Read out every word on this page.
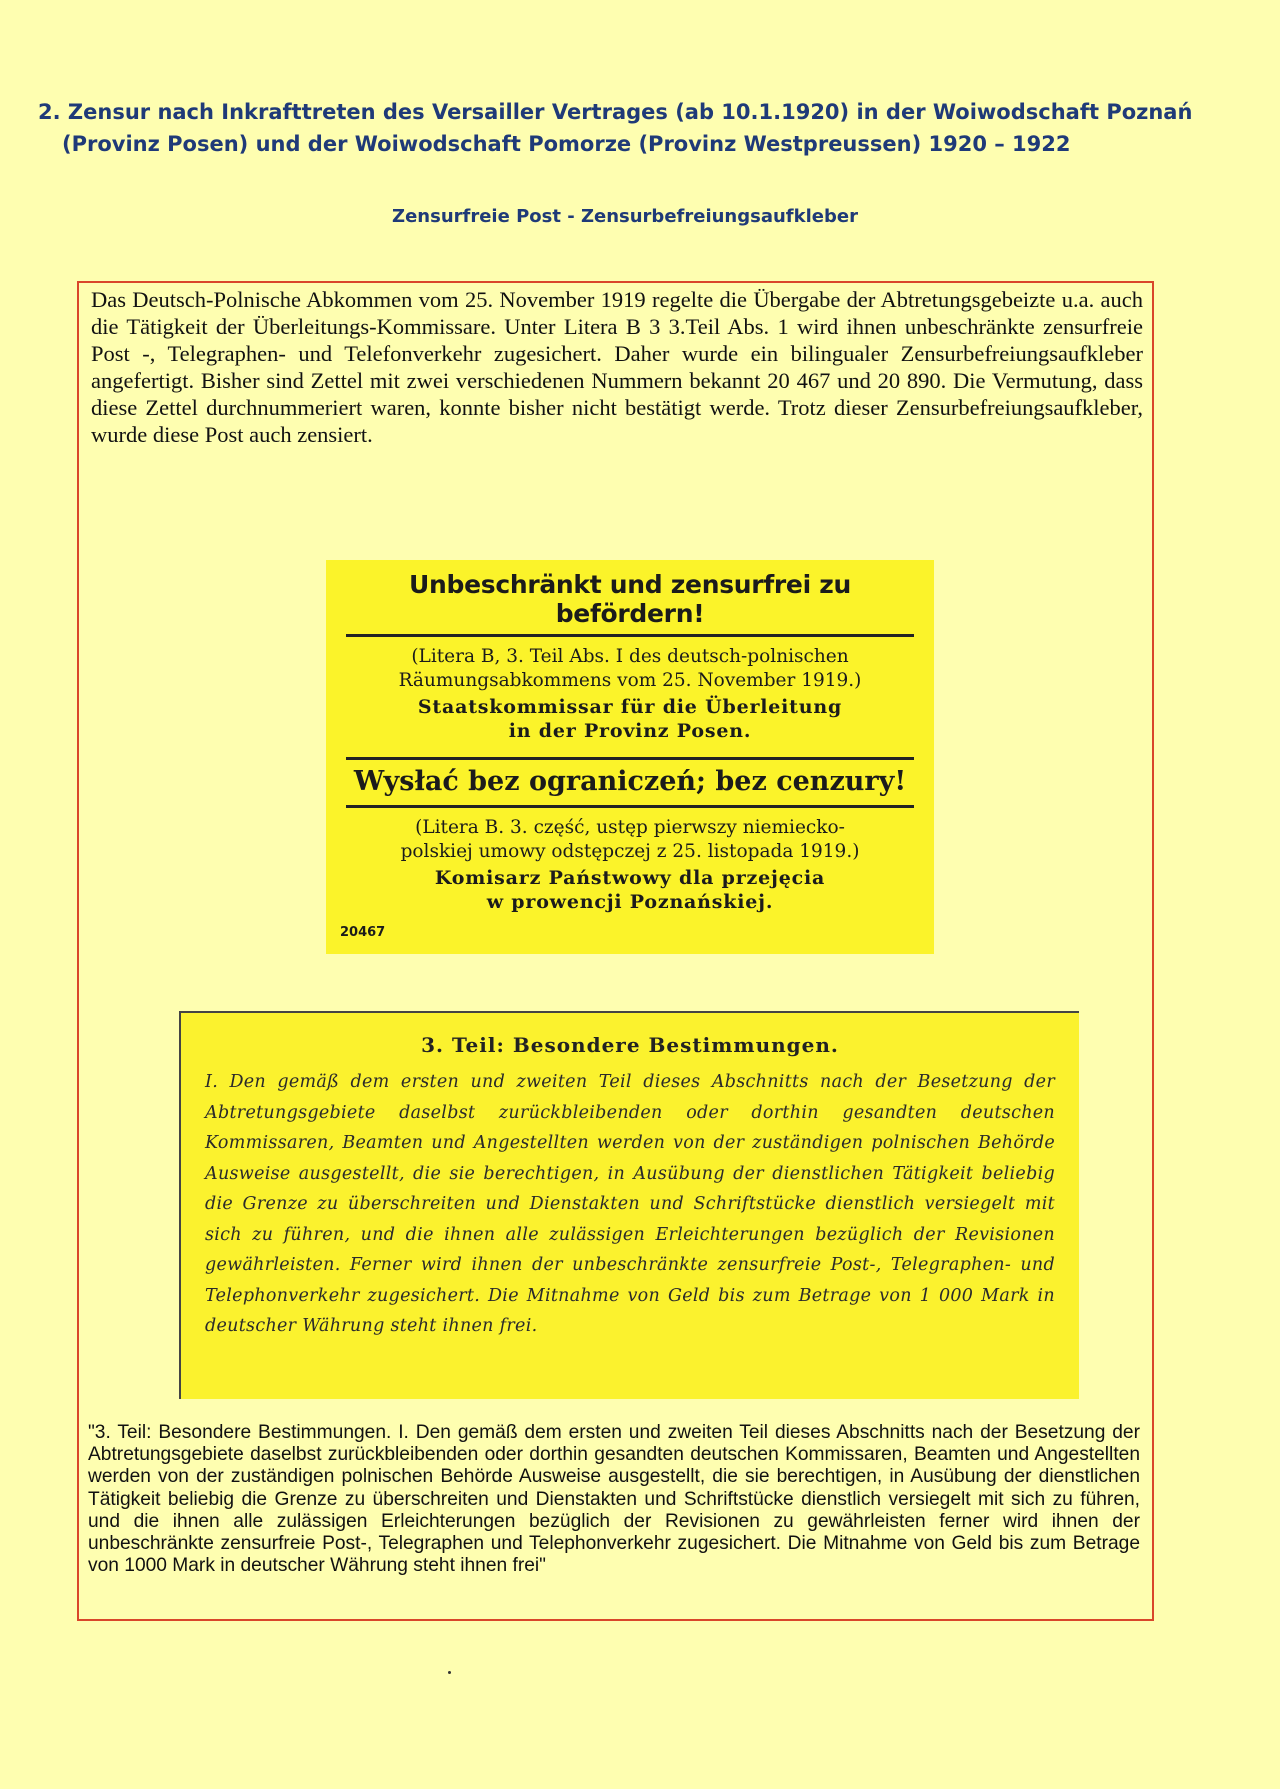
2. Zensur nach Inkrafttreten des Versailler Vertrages (ab 10.1.1920) in der Woiwodschaft Poznań
(Provinz Posen) und der Woiwodschaft Pomorze (Provinz Westpreussen) 1920 – 1922
Zensurfreie Post - Zensurbefreiungsaufkleber

Das Deutsch-Polnische Abkommen vom 25. November 1919 regelte die Übergabe der Abtretungsgebeizte u.a. auch die Tätigkeit der Überleitungs-Kommissare. Unter Litera B 3 3.Teil Abs. 1 wird ihnen unbeschränkte zensurfreie Post -, Telegraphen- und Telefonverkehr zugesichert. Daher wurde ein bilingualer Zensurbefreiungsaufkleber angefertigt. Bisher sind Zettel mit zwei verschiedenen Nummern bekannt 20 467 und 20 890. Die Vermutung, dass diese Zettel durchnummeriert waren, konnte bisher nicht bestätigt werde. Trotz dieser Zensurbefreiungsaufkleber, wurde diese Post auch zensiert.

Unbeschränkt und zensurfrei zu befördern!
(Litera B, 3. Teil Abs. I des deutsch-polnischen
Räumungsabkommens vom 25. November 1919.)
Staatskommissar für die Überleitung
in der Provinz Posen.
Wysłać bez ograniczeń; bez cenzury!
(Litera B. 3. część, ustęp pierwszy niemiecko-
polskiej umowy odstępczej z 25. listopada 1919.)
Komisarz Państwowy dla przejęcia
w prowencji Poznańskiej.
20467
3. Teil: Besondere Bestimmungen.
I. Den gemäß dem ersten und zweiten Teil dieses Abschnitts nach der Besetzung der Abtretungsgebiete daselbst zurückbleibenden oder dorthin gesandten deutschen Kommissaren, Beamten und Angestellten werden von der zuständigen polnischen Behörde Ausweise ausgestellt, die sie berechtigen, in Ausübung der dienstlichen Tätigkeit beliebig die Grenze zu überschreiten und Dienstakten und Schriftstücke dienstlich versiegelt mit sich zu führen, und die ihnen alle zulässigen Erleichterungen bezüglich der Revisionen gewährleisten. Ferner wird ihnen der unbeschränkte zensurfreie Post-, Telegraphen- und Telephonverkehr zugesichert. Die Mitnahme von Geld bis zum Betrage von 1 000 Mark in deutscher Währung steht ihnen frei.

"3. Teil: Besondere Bestimmungen. I. Den gemäß dem ersten und zweiten Teil dieses Abschnitts nach der Besetzung der Abtretungsgebiete daselbst zurückbleibenden oder dorthin gesandten deutschen Kommissaren, Beamten und Angestellten werden von der zuständigen polnischen Behörde Ausweise ausgestellt, die sie berechtigen, in Ausübung der dienstlichen Tätigkeit beliebig die Grenze zu überschreiten und Dienstakten und Schriftstücke dienstlich versiegelt mit sich zu führen, und die ihnen alle zulässigen Erleichterungen bezüglich der Revisionen zu gewährleisten ferner wird ihnen der unbeschränkte zensurfreie Post-, Telegraphen und Telephonverkehr zugesichert. Die Mitnahme von Geld bis zum Betrage von 1000 Mark in deutscher Währung steht ihnen frei"
